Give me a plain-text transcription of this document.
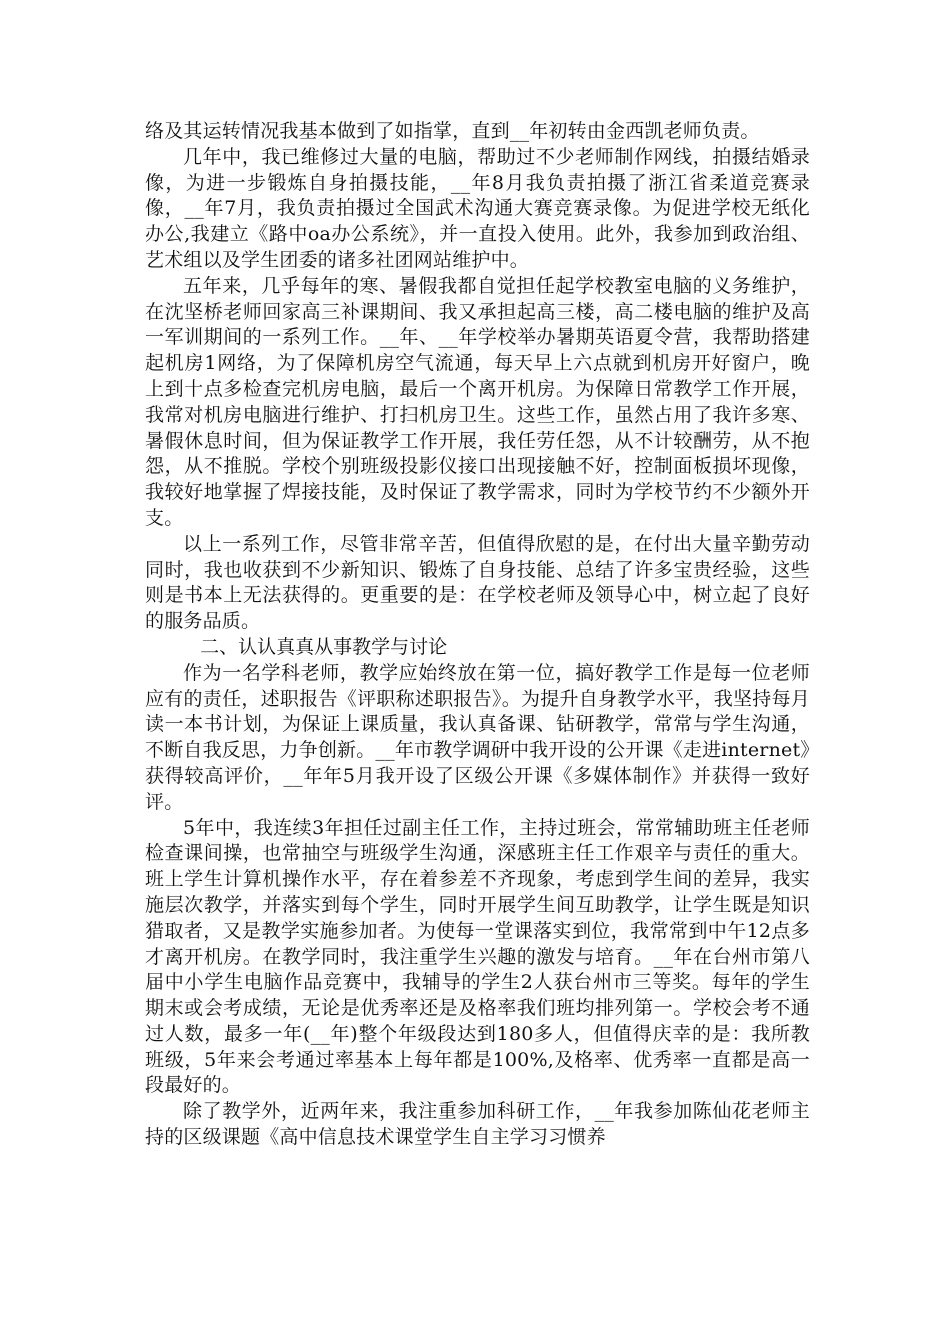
络及其运转情况我基本做到了如指掌，直到__年初转由金西凯老师负责。

几年中，我已维修过大量的电脑，帮助过不少老师制作网线，拍摄结婚录像，为进一步锻炼自身拍摄技能，__年8月我负责拍摄了浙江省柔道竞赛录像，__年7月，我负责拍摄过全国武术沟通大赛竞赛录像。为促进学校无纸化办公,我建立《路中oa办公系统》，并一直投入使用。此外，我参加到政治组、艺术组以及学生团委的诸多社团网站维护中。

五年来，几乎每年的寒、暑假我都自觉担任起学校教室电脑的义务维护，在沈坚桥老师回家高三补课期间、我又承担起高三楼，高二楼电脑的维护及高一军训期间的一系列工作。__年、__年学校举办暑期英语夏令营，我帮助搭建起机房1网络，为了保障机房空气流通，每天早上六点就到机房开好窗户，晚上到十点多检查完机房电脑，最后一个离开机房。为保障日常教学工作开展，我常对机房电脑进行维护、打扫机房卫生。这些工作，虽然占用了我许多寒、暑假休息时间，但为保证教学工作开展，我任劳任怨，从不计较酬劳，从不抱怨，从不推脱。学校个别班级投影仪接口出现接触不好，控制面板损坏现像，我较好地掌握了焊接技能，及时保证了教学需求，同时为学校节约不少额外开支。

以上一系列工作，尽管非常辛苦，但值得欣慰的是，在付出大量辛勤劳动同时，我也收获到不少新知识、锻炼了自身技能、总结了许多宝贵经验，这些则是书本上无法获得的。更重要的是：在学校老师及领导心中，树立起了良好的服务品质。

二、认认真真从事教学与讨论

作为一名学科老师，教学应始终放在第一位，搞好教学工作是每一位老师应有的责任，述职报告《评职称述职报告》。为提升自身教学水平，我坚持每月读一本书计划，为保证上课质量，我认真备课、钻研教学，常常与学生沟通，不断自我反思，力争创新。__年市教学调研中我开设的公开课《走进internet》获得较高评价，__年年5月我开设了区级公开课《多媒体制作》并获得一致好评。

5年中，我连续3年担任过副主任工作，主持过班会，常常辅助班主任老师检查课间操，也常抽空与班级学生沟通，深感班主任工作艰辛与责任的重大。班上学生计算机操作水平，存在着参差不齐现象，考虑到学生间的差异，我实施层次教学，并落实到每个学生，同时开展学生间互助教学，让学生既是知识猎取者，又是教学实施参加者。为使每一堂课落实到位，我常常到中午12点多才离开机房。在教学同时，我注重学生兴趣的激发与培育。__年在台州市第八届中小学生电脑作品竞赛中，我辅导的学生2人获台州市三等奖。每年的学生期末或会考成绩，无论是优秀率还是及格率我们班均排列第一。学校会考不通过人数，最多一年(__年)整个年级段达到180多人，但值得庆幸的是：我所教班级，5年来会考通过率基本上每年都是100%,及格率、优秀率一直都是高一段最好的。

除了教学外，近两年来，我注重参加科研工作，__年我参加陈仙花老师主持的区级课题《高中信息技术课堂学生自主学习习惯养
